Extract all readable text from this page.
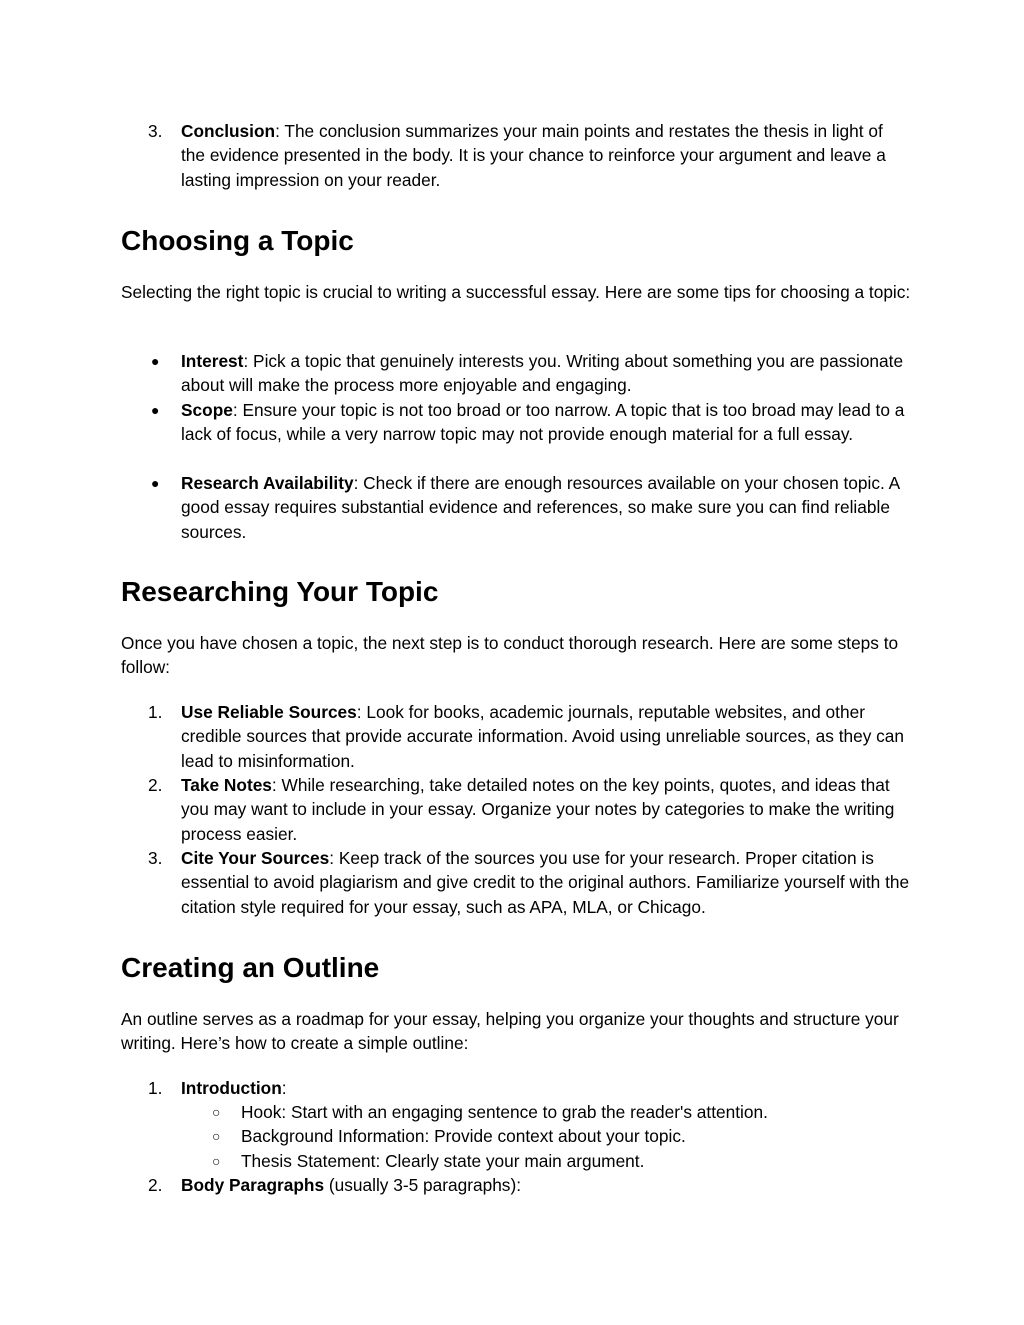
3.	Conclusion: The conclusion summarizes your main points and restates the thesis in light of the evidence presented in the body. It is your chance to reinforce your argument and leave a lasting impression on your reader.
Choosing a Topic

Selecting the right topic is crucial to writing a successful essay. Here are some tips for choosing a topic:

● Interest: Pick a topic that genuinely interests you. Writing about something you are passionate about will make the process more enjoyable and engaging.
● Scope: Ensure your topic is not too broad or too narrow. A topic that is too broad may lead to a lack of focus, while a very narrow topic may not provide enough material for a full essay.
● Research Availability: Check if there are enough resources available on your chosen topic. A good essay requires substantial evidence and references, so make sure you can find reliable sources.
Researching Your Topic

Once you have chosen a topic, the next step is to conduct thorough research. Here are some steps to follow:

1.	Use Reliable Sources: Look for books, academic journals, reputable websites, and other credible sources that provide accurate information. Avoid using unreliable sources, as they can lead to misinformation.
2.	Take Notes: While researching, take detailed notes on the key points, quotes, and ideas that you may want to include in your essay. Organize your notes by categories to make the writing process easier.
3.	Cite Your Sources: Keep track of the sources you use for your research. Proper citation is essential to avoid plagiarism and give credit to the original authors. Familiarize yourself with the citation style required for your essay, such as APA, MLA, or Chicago.
Creating an Outline

An outline serves as a roadmap for your essay, helping you organize your thoughts and structure your writing. Here’s how to create a simple outline:

1.	Introduction:
○ Hook: Start with an engaging sentence to grab the reader's attention.
○ Background Information: Provide context about your topic.
○ Thesis Statement: Clearly state your main argument.
2.	Body Paragraphs (usually 3-5 paragraphs):
